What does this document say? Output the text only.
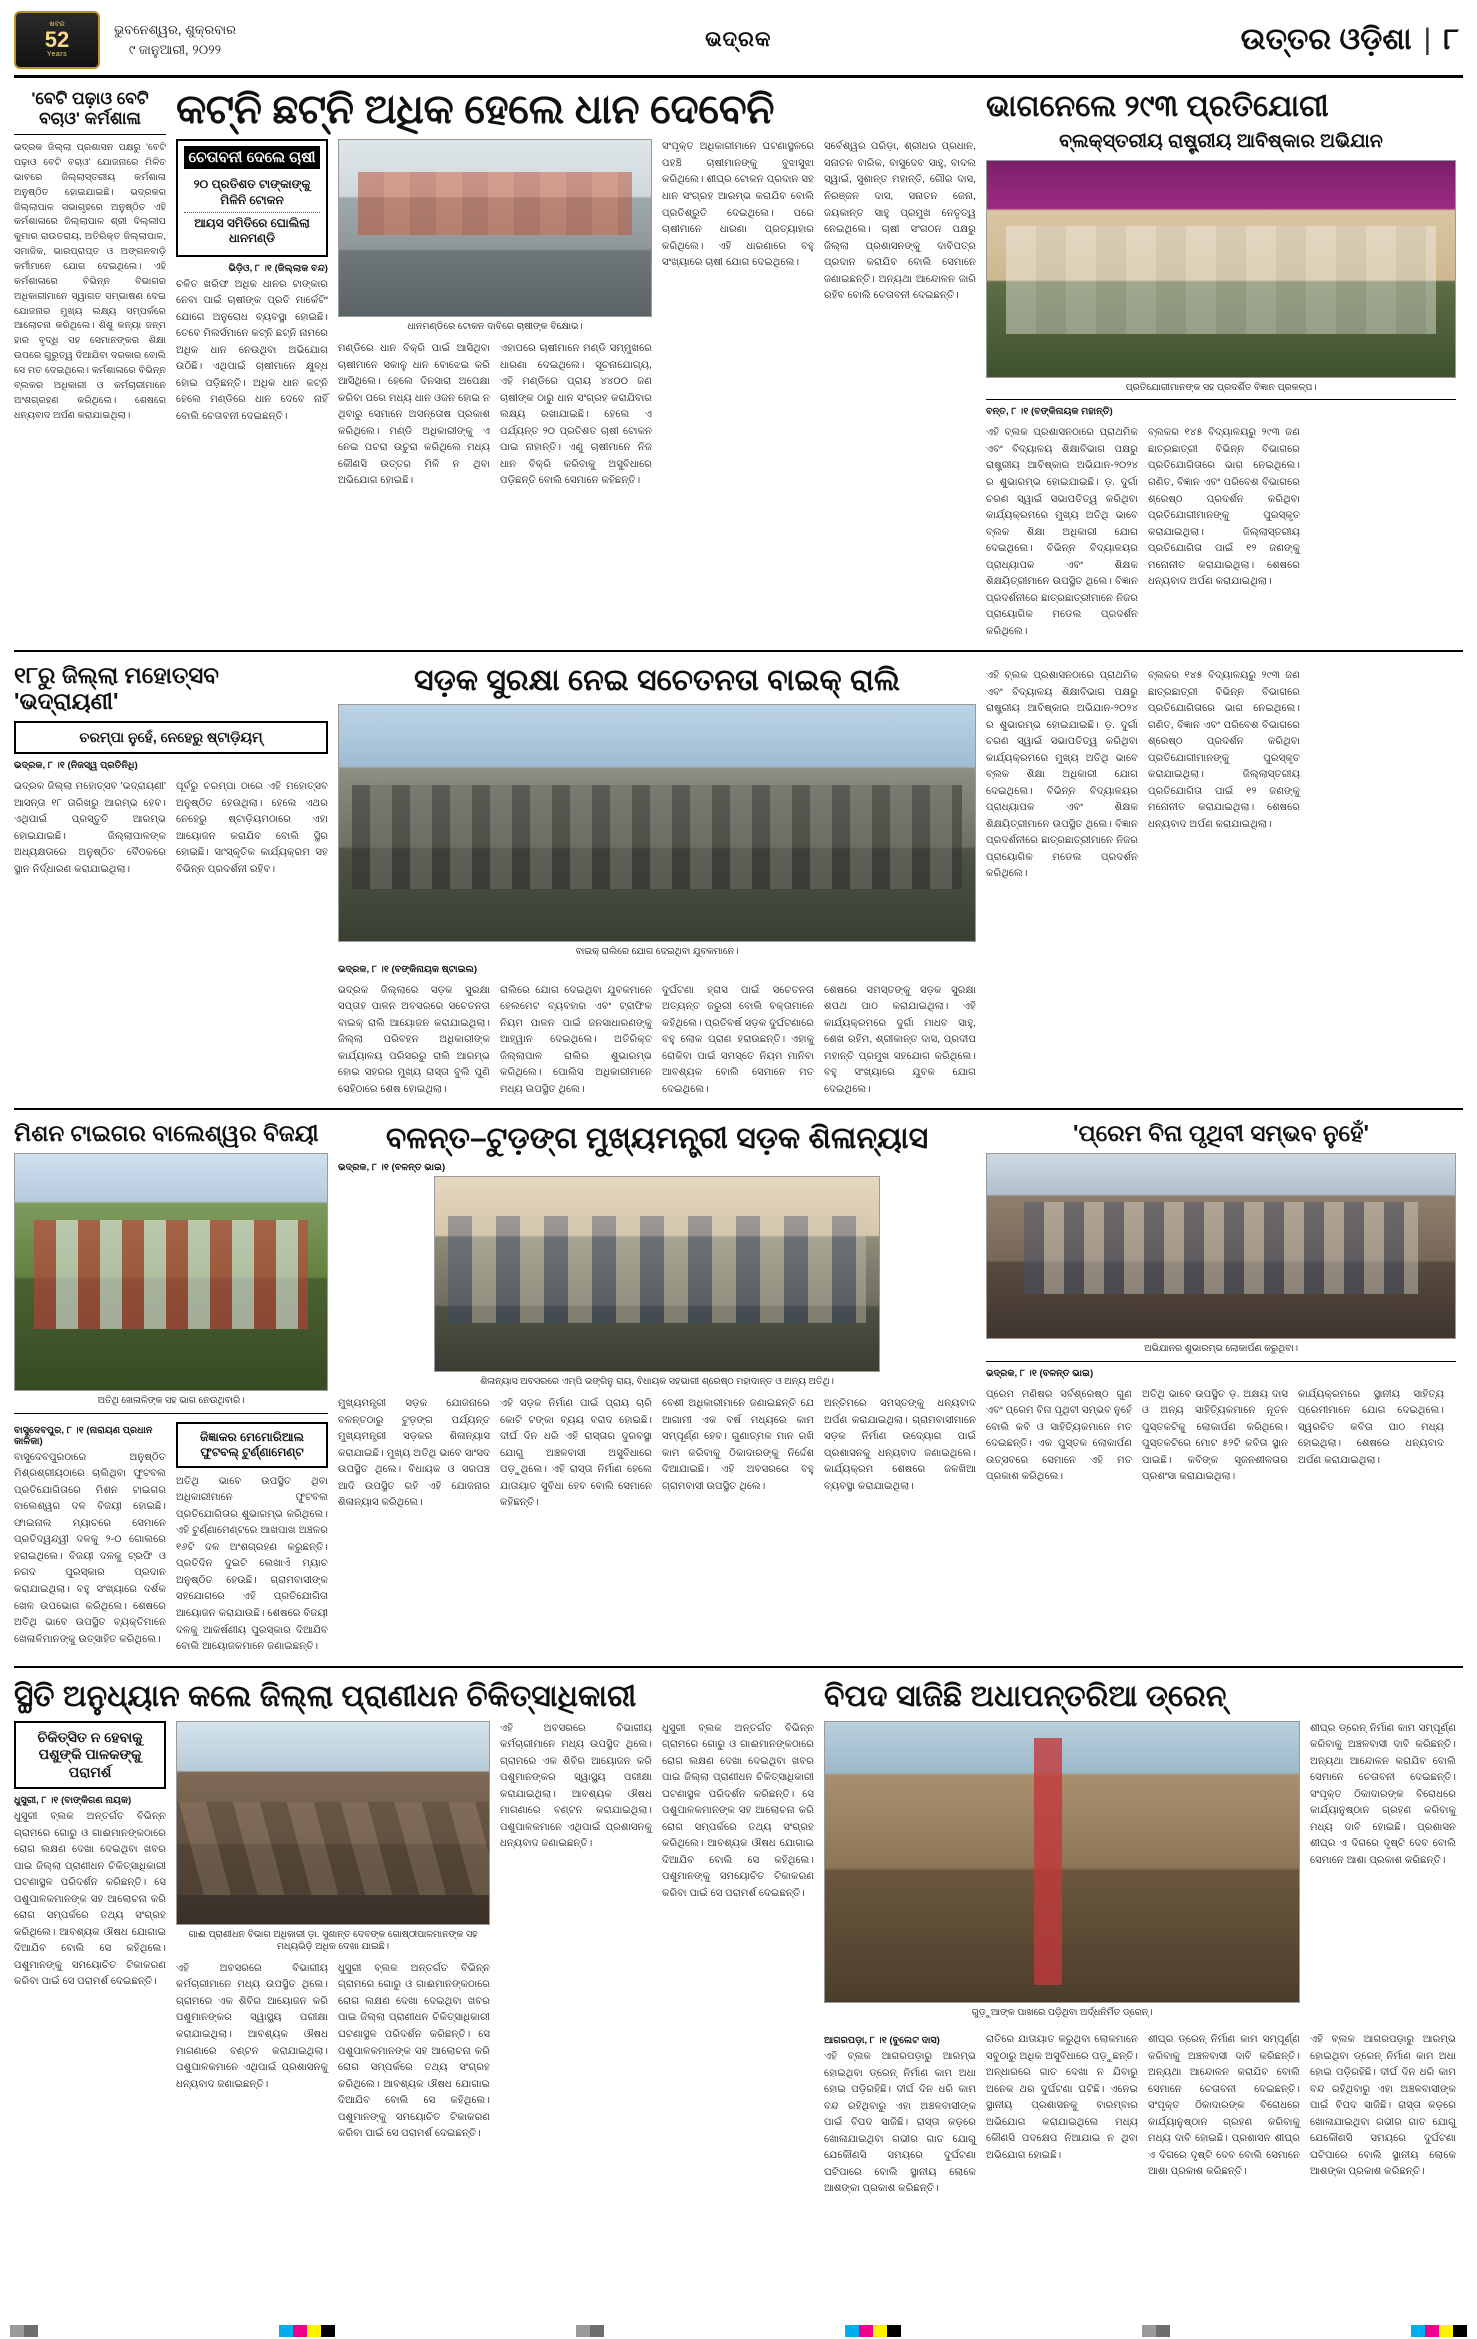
ଖବର
52
Years
ଭୁବନେଶ୍ୱର, ଶୁକ୍ରବାର
୯ ଜାନୁଆରୀ, ୨୦୨୨	ଭଦ୍ରକ	ଉତ୍ତର ଓଡ଼ିଶା | ୮
'ବେଟି ପଢ଼ାଓ ବେଟି ବଚାଓ' କର୍ମଶାଳା
ଭଦ୍ରକ ଜିଲ୍ଲା ପ୍ରଶାସନ ପକ୍ଷରୁ 'ବେଟି ପଢ଼ାଓ ବେଟି ବଚାଓ' ଯୋଜନାରେ ମିଳିତ ଭାବରେ ଜିଲ୍ଲାସ୍ତରୀୟ କର୍ମଶାଳା ଅନୁଷ୍ଠିତ ହୋଇଯାଇଛି। ଭଦ୍ରକର ଜିଲ୍ଲାପାଳ ସଭାଗୃହରେ ଅନୁଷ୍ଠିତ ଏହି କର୍ମଶାଳାରେ ଜିଲ୍ଲାପାଳ ଶ୍ରୀ ଦିଲ୍ଲୀପ କୁମାର ରାଉତରାୟ, ଅତିରିକ୍ତ ଜିଲ୍ଲାପାଳ, ସମାଜିକ, ଭାରପ୍ରାପ୍ତ ଓ ଅଙ୍ଗନବାଡ଼ି କର୍ମୀମାନେ ଯୋଗ ଦେଇଥିଲେ। ଏହି କର୍ମଶାଳାରେ ବିଭିନ୍ନ ବିଭାଗର ଅଧିକାରୀମାନେ ସ୍ୱାଗତ ସମ୍ଭାଷଣ ଦେଇ ଯୋଜନାର ମୁଖ୍ୟ ଲକ୍ଷ୍ୟ ସମ୍ପର୍କରେ ଆଲୋଚନା କରିଥିଲେ। ଶିଶୁ କନ୍ୟା ଜନ୍ମ ହାର ବୃଦ୍ଧି ସହ ସେମାନଙ୍କର ଶିକ୍ଷା ଉପରେ ଗୁରୁତ୍ୱ ଦିଆଯିବା ଦରକାର ବୋଲି ସେ ମତ ଦେଇଥିଲେ। କର୍ମଶାଳାରେ ବିଭିନ୍ନ ବ୍ଲକର ଅଧିକାରୀ ଓ କର୍ମଚାରୀମାନେ ଅଂଶଗ୍ରହଣ କରିଥିଲେ। ଶେଷରେ ଧନ୍ୟବାଦ ଅର୍ପଣ କରାଯାଇଥିଲା।
କଟ୍‌ନି ଛଟ୍‌ନି ଅଧିକ ହେଲେ ଧାନ ଦେବେନି
ଚେତାବନୀ ଦେଲେ ଚାଷୀ
୨୦ ପ୍ରତିଶତ ଟାଙ୍କାଙ୍କୁ ମିଳିନି ଟୋକନ
ଆୟସ ସମିତିରେ ଘୋଲିଲା ଧାନମଣ୍ଡି
ଭିଡ଼ିଓ, ୮ ।୧ (ଜିଲ୍ଲାକ ବନ୍ଦ)
ଚଳିତ ଖରିଫ ଅଧିକ ଧାନର ଟାଙ୍କାର ନେବା ପାଇଁ ଚାଷୀଙ୍କ ପ୍ରତି ମାର୍କେଟିଂ ଯୋଗେ ଅନୁରୋଧ ବ୍ୟବସ୍ଥା ହୋଇଛି। ତେବେ ମିଲର୍ସମାନେ କଟ୍‌ନି ଛଟ୍‌ନି ନାମରେ ଅଧିକ ଧାନ ନେଉଥିବା ଅଭିଯୋଗ ଉଠିଛି। ଏଥିପାଇଁ ଚାଷୀମାନେ କ୍ଷୁବ୍ଧ ହୋଇ ପଡ଼ିଛନ୍ତି। ଅଧିକ ଧାନ କଟ୍‌ନି ହେଲେ ମଣ୍ଡିରେ ଧାନ ଦେବେ ନାହିଁ ବୋଲି ଚେତାବନୀ ଦେଇଛନ୍ତି।
ଧାନମଣ୍ଡିରେ ଟୋକନ ଦାବିରେ ଚାଷୀଙ୍କ ବିକ୍ଷୋଭ।
ମଣ୍ଡିରେ ଧାନ ବିକ୍ରି ପାଇଁ ଆସିଥିବା ଚାଷୀମାନେ ସକାଳୁ ଧାନ ବୋଝେଇ କରି ଆସିଥିଲେ। ହେଲେ ଦିନସାରା ଅପେକ୍ଷା କରିବା ପରେ ମଧ୍ୟ ଧାନ ଓଜନ ହୋଇ ନ ଥିବାରୁ ସେମାନେ ଅସନ୍ତୋଷ ପ୍ରକାଶ କରିଥିଲେ। ମଣ୍ଡି ଅଧିକାରୀଙ୍କୁ ଏ ନେଇ ପଚରା ଉଚୁରା କରିଥିଲେ ମଧ୍ୟ କୌଣସି ଉତ୍ତର ମିଳି ନ ଥିବା ଅଭିଯୋଗ ହୋଇଛି।
ଏହାପରେ ଚାଷୀମାନେ ମଣ୍ଡି ସମ୍ମୁଖରେ ଧାରଣା ଦେଇଥିଲେ। ସୂଚନାଯୋଗ୍ୟ, ଏହି ମଣ୍ଡିରେ ପ୍ରାୟ ୪୪୦୦ ଜଣ ଚାଷୀଙ୍କ ଠାରୁ ଧାନ ସଂଗ୍ରହ କରାଯିବାର ଲକ୍ଷ୍ୟ ରଖାଯାଇଛି। ହେଲେ ଏ ପର୍ଯ୍ୟନ୍ତ ୨୦ ପ୍ରତିଶତ ଚାଷୀ ଟୋକନ ପାଇ ନାହାନ୍ତି। ଏଣୁ ଚାଷୀମାନେ ନିଜ ଧାନ ବିକ୍ରି କରିବାକୁ ଅସୁବିଧାରେ ପଡ଼ିଛନ୍ତି ବୋଲି ସେମାନେ କହିଛନ୍ତି।
ସଂପୃକ୍ତ ଅଧିକାରୀମାନେ ଘଟଣାସ୍ଥଳରେ ପହଞ୍ଚି ଚାଷୀମାନଙ୍କୁ ବୁଝାସୁଝା କରିଥିଲେ। ଶୀଘ୍ର ଟୋକନ ପ୍ରଦାନ ସହ ଧାନ ସଂଗ୍ରହ ଆରମ୍ଭ କରାଯିବ ବୋଲି ପ୍ରତିଶ୍ରୁତି ଦେଇଥିଲେ। ପରେ ଚାଷୀମାନେ ଧାରଣା ପ୍ରତ୍ୟାହାର କରିଥିଲେ। ଏହି ଧାରଣାରେ ବହୁ ସଂଖ୍ୟାରେ ଚାଷୀ ଯୋଗ ଦେଇଥିଲେ।
ସର୍ବେଶ୍ୱର ପରିଡ଼ା, ଶ୍ରୀଧର ପ୍ରଧାନ, ସନାତନ ବାରିକ, ବାସୁଦେବ ସାହୁ, ବାଦଲ ସ୍ୱାଇଁ, ସୁଶାନ୍ତ ମହାନ୍ତି, ଗୌର ଦାସ, ନିରଞ୍ଜନ ଦାସ, ସନାତନ ଜେନା, ଜୟକାନ୍ତ ସାହୁ ପ୍ରମୁଖ ନେତୃତ୍ୱ ନେଇଥିଲେ। ଚାଷୀ ସଂଗଠନ ପକ୍ଷରୁ ଜିଲ୍ଲା ପ୍ରଶାସନଙ୍କୁ ଦାବିପତ୍ର ପ୍ରଦାନ କରାଯିବ ବୋଲି ସେମାନେ ଜଣାଇଛନ୍ତି। ଅନ୍ୟଥା ଆନ୍ଦୋଳନ ଜାରି ରହିବ ବୋଲି ଚେତାବନୀ ଦେଇଛନ୍ତି।
ଭାଗନେଲେ ୨୯୩ ପ୍ରତିଯୋଗୀ
ବ୍ଲକ୍‌ସ୍ତରୀୟ ରାଷ୍ଟ୍ରୀୟ ଆବିଷ୍କାର ଅଭିଯାନ
ପ୍ରତିଯୋଗୀମାନଙ୍କ ସହ ପ୍ରଦର୍ଶିତ ବିଜ୍ଞାନ ପ୍ରକଳ୍ପ।
ବନ୍ତ, ୮ ।୧ (ବଙ୍କିନାୟକ ମହାନ୍ତି)
ଏହି ବ୍ଲକ ପ୍ରଶାସନଠାରେ ପ୍ରାଥମିକ ଏବଂ ବିଦ୍ୟାଳୟ ଶିକ୍ଷାବିଭାଗ ପକ୍ଷରୁ ରାଷ୍ଟ୍ରୀୟ ଆବିଷ୍କାର ଅଭିଯାନ-୨୦୨୪ ର ଶୁଭାରମ୍ଭ ହୋଇଯାଇଛି। ଡ଼. ଦୁର୍ଗା ଚରଣ ସ୍ୱାଇଁ ସଭାପତିତ୍ୱ କରିଥିବା କାର୍ଯ୍ୟକ୍ରମରେ ମୁଖ୍ୟ ଅତିଥି ଭାବେ ବ୍ଲକ ଶିକ୍ଷା ଅଧିକାରୀ ଯୋଗ ଦେଇଥିଲେ। ବିଭିନ୍ନ ବିଦ୍ୟାଳୟର ପ୍ରାଧ୍ୟାପକ ଏବଂ ଶିକ୍ଷକ ଶିକ୍ଷୟିତ୍ରୀମାନେ ଉପସ୍ଥିତ ଥିଲେ। ବିଜ୍ଞାନ ପ୍ରଦର୍ଶନୀରେ ଛାତ୍ରଛାତ୍ରୀମାନେ ନିଜର ପ୍ରାୟୋଗିକ ମଡେଲ ପ୍ରଦର୍ଶନ କରିଥିଲେ।
ବ୍ଲକର ୧୪୫ ବିଦ୍ୟାଳୟରୁ ୨୯୩ ଜଣ ଛାତ୍ରଛାତ୍ରୀ ବିଭିନ୍ନ ବିଭାଗରେ ପ୍ରତିଯୋଗିତାରେ ଭାଗ ନେଇଥିଲେ। ଗଣିତ, ବିଜ୍ଞାନ ଏବଂ ପରିବେଶ ବିଭାଗରେ ଶ୍ରେଷ୍ଠ ପ୍ରଦର୍ଶନ କରିଥିବା ପ୍ରତିଯୋଗୀମାନଙ୍କୁ ପୁରସ୍କୃତ କରାଯାଇଥିଲା। ଜିଲ୍ଲାସ୍ତରୀୟ ପ୍ରତିଯୋଗିତା ପାଇଁ ୧୨ ଜଣଙ୍କୁ ମନୋନୀତ କରାଯାଇଥିଲା। ଶେଷରେ ଧନ୍ୟବାଦ ଅର୍ପଣ କରାଯାଇଥିଲା।
୧୮ରୁ ଜିଲ୍ଲା ମହୋତ୍ସବ 'ଭଦ୍ରାୟଣୀ'
ଚରମ୍ପା ନୁହେଁ, ନେହେରୁ ଷ୍ଟାଡ଼ିୟମ୍
ଭଦ୍ରକ, ୮ ।୧ (ନିଜସ୍ୱ ପ୍ରତିନିଧି)
ଭଦ୍ରକ ଜିଲ୍ଲା ମହୋତ୍ସବ 'ଭଦ୍ରାୟଣୀ' ଆସନ୍ତା ୧୮ ତାରିଖରୁ ଆରମ୍ଭ ହେବ। ଏଥିପାଇଁ ପ୍ରସ୍ତୁତି ଆରମ୍ଭ ହୋଇଯାଇଛି। ଜିଲ୍ଲାପାଳଙ୍କ ଅଧ୍ୟକ୍ଷତାରେ ଅନୁଷ୍ଠିତ ବୈଠକରେ ସ୍ଥାନ ନିର୍ଦ୍ଧାରଣ କରାଯାଇଥିଲା।
ପୂର୍ବରୁ ଚରମ୍ପା ଠାରେ ଏହି ମହୋତ୍ସବ ଅନୁଷ୍ଠିତ ହେଉଥିଲା। ହେଲେ ଏଥର ନେହେରୁ ଷ୍ଟାଡ଼ିୟମଠାରେ ଏହା ଆୟୋଜନ କରାଯିବ ବୋଲି ସ୍ଥିର ହୋଇଛି। ସାଂସ୍କୃତିକ କାର୍ଯ୍ୟକ୍ରମ ସହ ବିଭିନ୍ନ ପ୍ରଦର୍ଶନୀ ରହିବ।
ସଡ଼କ ସୁରକ୍ଷା ନେଇ ସଚେତନତା ବାଇକ୍ ରାଲି
ବାଇକ୍ ରାଲିରେ ଯୋଗ ଦେଇଥିବା ଯୁବକମାନେ।
ଭଦ୍ରକ, ୮ ।୧ (ବଙ୍କିନାୟକ ଷ୍ଟାଇଲ)
ଭଦ୍ରକ ଜିଲ୍ଲାରେ ସଡ଼କ ସୁରକ୍ଷା ସପ୍ତାହ ପାଳନ ଅବସରରେ ସଚେତନତା ବାଇକ୍ ରାଲି ଆୟୋଜନ କରାଯାଇଥିଲା। ଜିଲ୍ଲା ପରିବହନ ଅଧିକାରୀଙ୍କ କାର୍ଯ୍ୟାଳୟ ପରିସରରୁ ରାଲି ଆରମ୍ଭ ହୋଇ ସହରର ମୁଖ୍ୟ ରାସ୍ତା ବୁଲି ପୁଣି ସେହିଠାରେ ଶେଷ ହୋଇଥିଲା।
ରାଲିରେ ଯୋଗ ଦେଇଥିବା ଯୁବକମାନେ ହେଲମେଟ ବ୍ୟବହାର ଏବଂ ଟ୍ରାଫିକ ନିୟମ ପାଳନ ପାଇଁ ଜନସାଧାରଣଙ୍କୁ ଆହ୍ୱାନ ଦେଇଥିଲେ। ଅତିରିକ୍ତ ଜିଲ୍ଲାପାଳ ରାଲିର ଶୁଭାରମ୍ଭ କରିଥିଲେ। ପୋଲିସ ଅଧିକାରୀମାନେ ମଧ୍ୟ ଉପସ୍ଥିତ ଥିଲେ।
ଦୁର୍ଘଟଣା ହ୍ରାସ ପାଇଁ ସଚେତନତା ଅତ୍ୟନ୍ତ ଜରୁରୀ ବୋଲି ବକ୍ତାମାନେ କହିଥିଲେ। ପ୍ରତିବର୍ଷ ସଡ଼କ ଦୁର୍ଘଟଣାରେ ବହୁ ଲୋକ ପ୍ରାଣ ହରାଉଛନ୍ତି। ଏହାକୁ ରୋକିବା ପାଇଁ ସମସ୍ତେ ନିୟମ ମାନିବା ଆବଶ୍ୟକ ବୋଲି ସେମାନେ ମତ ଦେଇଥିଲେ।
ଶେଷରେ ସମସ୍ତଙ୍କୁ ସଡ଼କ ସୁରକ୍ଷା ଶପଥ ପାଠ କରାଯାଇଥିଲା। ଏହି କାର୍ଯ୍ୟକ୍ରମରେ ଦୁର୍ଗା ମାଧବ ସାହୁ, ଶେଖ ରହିମ, ଶ୍ରୀକାନ୍ତ ଦାସ, ପ୍ରଦୀପ ମହାନ୍ତି ପ୍ରମୁଖ ସହଯୋଗ କରିଥିଲେ। ବହୁ ସଂଖ୍ୟାରେ ଯୁବକ ଯୋଗ ଦେଇଥିଲେ।
ଏହି ବ୍ଲକ ପ୍ରଶାସନଠାରେ ପ୍ରାଥମିକ ଏବଂ ବିଦ୍ୟାଳୟ ଶିକ୍ଷାବିଭାଗ ପକ୍ଷରୁ ରାଷ୍ଟ୍ରୀୟ ଆବିଷ୍କାର ଅଭିଯାନ-୨୦୨୪ ର ଶୁଭାରମ୍ଭ ହୋଇଯାଇଛି। ଡ଼. ଦୁର୍ଗା ଚରଣ ସ୍ୱାଇଁ ସଭାପତିତ୍ୱ କରିଥିବା କାର୍ଯ୍ୟକ୍ରମରେ ମୁଖ୍ୟ ଅତିଥି ଭାବେ ବ୍ଲକ ଶିକ୍ଷା ଅଧିକାରୀ ଯୋଗ ଦେଇଥିଲେ। ବିଭିନ୍ନ ବିଦ୍ୟାଳୟର ପ୍ରାଧ୍ୟାପକ ଏବଂ ଶିକ୍ଷକ ଶିକ୍ଷୟିତ୍ରୀମାନେ ଉପସ୍ଥିତ ଥିଲେ। ବିଜ୍ଞାନ ପ୍ରଦର୍ଶନୀରେ ଛାତ୍ରଛାତ୍ରୀମାନେ ନିଜର ପ୍ରାୟୋଗିକ ମଡେଲ ପ୍ରଦର୍ଶନ କରିଥିଲେ।
ବ୍ଲକର ୧୪୫ ବିଦ୍ୟାଳୟରୁ ୨୯୩ ଜଣ ଛାତ୍ରଛାତ୍ରୀ ବିଭିନ୍ନ ବିଭାଗରେ ପ୍ରତିଯୋଗିତାରେ ଭାଗ ନେଇଥିଲେ। ଗଣିତ, ବିଜ୍ଞାନ ଏବଂ ପରିବେଶ ବିଭାଗରେ ଶ୍ରେଷ୍ଠ ପ୍ରଦର୍ଶନ କରିଥିବା ପ୍ରତିଯୋଗୀମାନଙ୍କୁ ପୁରସ୍କୃତ କରାଯାଇଥିଲା। ଜିଲ୍ଲାସ୍ତରୀୟ ପ୍ରତିଯୋଗିତା ପାଇଁ ୧୨ ଜଣଙ୍କୁ ମନୋନୀତ କରାଯାଇଥିଲା। ଶେଷରେ ଧନ୍ୟବାଦ ଅର୍ପଣ କରାଯାଇଥିଲା।
ମିଶନ ଟାଇଗର ବାଲେଶ୍ୱର ବିଜୟୀ
ଅତିଥି ଖେଳାଳିଙ୍କ ସହ ଭାଗ ନେଉଥିବାରି।
ବାସୁଦେବପୁର, ୮ ।୧ (ନାରାୟଣ ପ୍ରଧାନ କାଳିକା)
ବାସୁଦେବପୁରଠାରେ ଅନୁଷ୍ଠିତ ମିଶ୍ରଶ୍ରୀୟଠାରେ ଚାଲିଥିବା ଫୁଟବଲ ପ୍ରତିଯୋଗିତାରେ ମିଶନ ଟାଇଗର ବାଲେଶ୍ୱର ଦଳ ବିଜୟୀ ହୋଇଛି। ଫାଇନାଲ ମ୍ୟାଚରେ ସେମାନେ ପ୍ରତିଦ୍ୱନ୍ଦ୍ୱୀ ଦଳକୁ ୨-୦ ଗୋଲରେ ହରାଇଥିଲେ। ବିଜୟୀ ଦଳକୁ ଟ୍ରଫି ଓ ନଗଦ ପୁରସ୍କାର ପ୍ରଦାନ କରାଯାଇଥିଲା। ବହୁ ସଂଖ୍ୟାରେ ଦର୍ଶକ ଖେଳ ଉପଭୋଗ କରିଥିଲେ। ଶେଷରେ ଅତିଥି ଭାବେ ଉପସ୍ଥିତ ବ୍ୟକ୍ତିମାନେ ଖେଳାଳିମାନଙ୍କୁ ଉତ୍ସାହିତ କରିଥିଲେ।
ଜିଜ୍ଞାକର ମେମୋରିଆଲ ଫୁଟବଲ୍ ଟୁର୍ଣ୍ଣାମେଣ୍ଟ
ଅତିଥି ଭାବେ ଉପସ୍ଥିତ ଥିବା ଅଧିକାରୀମାନେ ଫୁଟବଲ ପ୍ରତିଯୋଗିତାର ଶୁଭାରମ୍ଭ କରିଥିଲେ। ଏହି ଟୁର୍ଣ୍ଣାମେଣ୍ଟରେ ଆଖପାଖ ଅଞ୍ଚଳର ୧୬ଟି ଦଳ ଅଂଶଗ୍ରହଣ କରୁଛନ୍ତି। ପ୍ରତିଦିନ ଦୁଇଟି ଲେଖାଏଁ ମ୍ୟାଚ ଅନୁଷ୍ଠିତ ହେଉଛି। ଗ୍ରାମବାସୀଙ୍କ ସହଯୋଗରେ ଏହି ପ୍ରତିଯୋଗିତା ଆୟୋଜନ କରାଯାଉଛି। ଶେଷରେ ବିଜୟୀ ଦଳକୁ ଆକର୍ଷଣୀୟ ପୁରସ୍କାର ଦିଆଯିବ ବୋଲି ଆୟୋଜକମାନେ ଜଣାଇଛନ୍ତି।
ବଳନ୍ତ–ଟୁଡ଼ଙ୍ଗ ମୁଖ୍ୟମନ୍ତ୍ରୀ ସଡ଼କ ଶିଳାନ୍ୟାସ
ଭଦ୍ରକ, ୮ ।୧ (ବଳନ୍ତ ଭାଇ)
ଶିଳାନ୍ୟାସ ଅବସରରେ ଏମ୍‌ପି ଭଙ୍ଗିନୁ ରାୟ, ବିଧାୟକ ସହଭାଗୀ ଶ୍ରେଷ୍ଠ ମହାଦାନ୍ତ ଓ ଅନ୍ୟ ଅତିଥି।
ମୁଖ୍ୟମନ୍ତ୍ରୀ ସଡ଼କ ଯୋଜନାରେ ବଳନ୍ତଠାରୁ ଟୁଡ଼ଙ୍ଗ ପର୍ଯ୍ୟନ୍ତ ମୁଖ୍ୟମନ୍ତ୍ରୀ ସଡ଼କର ଶିଳାନ୍ୟାସ କରାଯାଇଛି। ମୁଖ୍ୟ ଅତିଥି ଭାବେ ସାଂସଦ ଉପସ୍ଥିତ ଥିଲେ। ବିଧାୟକ ଓ ସରପଞ୍ଚ ଆଦି ଉପସ୍ଥିତ ରହି ଏହି ଯୋଜନାର ଶିଳାନ୍ୟାସ କରିଥିଲେ।
ଏହି ସଡ଼କ ନିର୍ମାଣ ପାଇଁ ପ୍ରାୟ ଚାରି କୋଟି ଟଙ୍କା ବ୍ୟୟ ବରାଦ ହୋଇଛି। ଦୀର୍ଘ ଦିନ ଧରି ଏହି ରାସ୍ତାର ଦୁରବସ୍ଥା ଯୋଗୁ ଅଞ୍ଚଳବାସୀ ଅସୁବିଧାରେ ପଡ଼ୁଥିଲେ। ଏହି ରାସ୍ତା ନିର୍ମାଣ ହେଲେ ଯାତାୟାତ ସୁବିଧା ହେବ ବୋଲି ସେମାନେ କହିଛନ୍ତି।
ବେଶୀ ଅଧିକାରୀମାନେ ଜଣାଇଛନ୍ତି ଯେ ଆଗାମୀ ଏକ ବର୍ଷ ମଧ୍ୟରେ କାମ ସମ୍ପୂର୍ଣ୍ଣ ହେବ। ଗୁଣାତ୍ମକ ମାନ ରଖି କାମ କରିବାକୁ ଠିକାଦାରଙ୍କୁ ନିର୍ଦ୍ଦେଶ ଦିଆଯାଇଛି। ଏହି ଅବସରରେ ବହୁ ଗ୍ରାମବାସୀ ଉପସ୍ଥିତ ଥିଲେ।
ଅନ୍ତିମରେ ସମସ୍ତଙ୍କୁ ଧନ୍ୟବାଦ ଅର୍ପଣ କରାଯାଇଥିଲା। ଗ୍ରାମବାସୀମାନେ ସଡ଼କ ନିର୍ମାଣ ଉଦ୍ୟୋଗ ପାଇଁ ପ୍ରଶାସନକୁ ଧନ୍ୟବାଦ ଜଣାଇଥିଲେ। କାର୍ଯ୍ୟକ୍ରମ ଶେଷରେ ଜଳଖିଆ ବ୍ୟବସ୍ଥା କରାଯାଇଥିଲା।
'ପ୍ରେମ ବିନା ପୃଥିବୀ ସମ୍ଭବ ନୁହେଁ'
ଅଭିଯାନର ଶୁଭାରମ୍ଭ ଲୋକାର୍ପଣ କରୁଥିବା।
ଭଦ୍ରକ, ୮ ।୧ (ବଳନ୍ତ ଭାଇ)
ପ୍ରେମ ମଣିଷର ସର୍ବଶ୍ରେଷ୍ଠ ଗୁଣ ଏବଂ ପ୍ରେମ ବିନା ପୃଥିବୀ ସମ୍ଭବ ନୁହେଁ ବୋଲି କବି ଓ ସାହିତ୍ୟିକମାନେ ମତ ଦେଇଛନ୍ତି। ଏକ ପୁସ୍ତକ ଲୋକାର୍ପଣ ଉତ୍ସବରେ ସେମାନେ ଏହି ମତ ପ୍ରକାଶ କରିଥିଲେ।
ଅତିଥି ଭାବେ ଉପସ୍ଥିତ ଡ଼. ଅକ୍ଷୟ ଦାସ ଓ ଅନ୍ୟ ସାହିତ୍ୟିକମାନେ ନୂତନ ପୁସ୍ତକଟିକୁ ଲୋକାର୍ପଣ କରିଥିଲେ। ପୁସ୍ତକଟିରେ ମୋଟ ୫୨ଟି କବିତା ସ୍ଥାନ ପାଇଛି। କବିଙ୍କ ସୃଜନଶୀଳତାର ପ୍ରଶଂସା କରାଯାଇଥିଲା।
କାର୍ଯ୍ୟକ୍ରମରେ ସ୍ଥାନୀୟ ସାହିତ୍ୟ ପ୍ରେମୀମାନେ ଯୋଗ ଦେଇଥିଲେ। ସ୍ୱରଚିତ କବିତା ପାଠ ମଧ୍ୟ ହୋଇଥିଲା। ଶେଷରେ ଧନ୍ୟବାଦ ଅର୍ପଣ କରାଯାଇଥିଲା।
ସ୍ଥିତି ଅନୁଧ୍ୟାନ କଲେ ଜିଲ୍ଲା ପ୍ରାଣୀଧନ ଚିକିତ୍ସାଧିକାରୀ
ଚିକିତ୍ସିତ ନ ହେବାକୁ ପଶୁଙ୍କି ପାଳକଙ୍କୁ ପରାମର୍ଶ
ଧୁସୁରୀ, ୮ ।୧ (ବାଙ୍କିଗଣ ନାୟକ)
ଧୁସୁରୀ ବ୍ଲକ ଅନ୍ତର୍ଗତ ବିଭିନ୍ନ ଗ୍ରାମରେ ଗୋରୁ ଓ ଗାଈମାନଙ୍କଠାରେ ରୋଗ ଲକ୍ଷଣ ଦେଖା ଦେଇଥିବା ଖବର ପାଇ ଜିଲ୍ଲା ପ୍ରାଣୀଧନ ଚିକିତ୍ସାଧିକାରୀ ଘଟଣାସ୍ଥଳ ପରିଦର୍ଶନ କରିଛନ୍ତି। ସେ ପଶୁପାଳକମାନଙ୍କ ସହ ଆଲୋଚନା କରି ରୋଗ ସମ୍ପର୍କରେ ତଥ୍ୟ ସଂଗ୍ରହ କରିଥିଲେ। ଆବଶ୍ୟକ ଔଷଧ ଯୋଗାଇ ଦିଆଯିବ ବୋଲି ସେ କହିଥିଲେ। ପଶୁମାନଙ୍କୁ ସମୟୋଚିତ ଟିକାକରଣ କରିବା ପାଇଁ ସେ ପରାମର୍ଶ ଦେଇଛନ୍ତି।
ଗାଈ ପ୍ରାଣୀଧନ ବିଭାଗ ଅଧିକାରୀ ଡ଼ା. ସୁଶାନ୍ତ ଦେବଙ୍କ ଗୋଷ୍ଠୀପାଳମାନଙ୍କ ସହ ମଧ୍ୟଭିଡ଼ି ଅଧିକ ଦେଖା ଯାଇଛି।
ଏହି ଅବସରରେ ବିଭାଗୀୟ କର୍ମଚାରୀମାନେ ମଧ୍ୟ ଉପସ୍ଥିତ ଥିଲେ। ଗ୍ରାମରେ ଏକ ଶିବିର ଆୟୋଜନ କରି ପଶୁମାନଙ୍କର ସ୍ୱାସ୍ଥ୍ୟ ପରୀକ୍ଷା କରାଯାଇଥିଲା। ଆବଶ୍ୟକ ଔଷଧ ମାଗଣାରେ ବଣ୍ଟନ କରାଯାଇଥିଲା। ପଶୁପାଳକମାନେ ଏଥିପାଇଁ ପ୍ରଶାସନକୁ ଧନ୍ୟବାଦ ଜଣାଇଛନ୍ତି।
ଧୁସୁରୀ ବ୍ଲକ ଅନ୍ତର୍ଗତ ବିଭିନ୍ନ ଗ୍ରାମରେ ଗୋରୁ ଓ ଗାଈମାନଙ୍କଠାରେ ରୋଗ ଲକ୍ଷଣ ଦେଖା ଦେଇଥିବା ଖବର ପାଇ ଜିଲ୍ଲା ପ୍ରାଣୀଧନ ଚିକିତ୍ସାଧିକାରୀ ଘଟଣାସ୍ଥଳ ପରିଦର୍ଶନ କରିଛନ୍ତି। ସେ ପଶୁପାଳକମାନଙ୍କ ସହ ଆଲୋଚନା କରି ରୋଗ ସମ୍ପର୍କରେ ତଥ୍ୟ ସଂଗ୍ରହ କରିଥିଲେ। ଆବଶ୍ୟକ ଔଷଧ ଯୋଗାଇ ଦିଆଯିବ ବୋଲି ସେ କହିଥିଲେ। ପଶୁମାନଙ୍କୁ ସମୟୋଚିତ ଟିକାକରଣ କରିବା ପାଇଁ ସେ ପରାମର୍ଶ ଦେଇଛନ୍ତି।
ଏହି ଅବସରରେ ବିଭାଗୀୟ କର୍ମଚାରୀମାନେ ମଧ୍ୟ ଉପସ୍ଥିତ ଥିଲେ। ଗ୍ରାମରେ ଏକ ଶିବିର ଆୟୋଜନ କରି ପଶୁମାନଙ୍କର ସ୍ୱାସ୍ଥ୍ୟ ପରୀକ୍ଷା କରାଯାଇଥିଲା। ଆବଶ୍ୟକ ଔଷଧ ମାଗଣାରେ ବଣ୍ଟନ କରାଯାଇଥିଲା। ପଶୁପାଳକମାନେ ଏଥିପାଇଁ ପ୍ରଶାସନକୁ ଧନ୍ୟବାଦ ଜଣାଇଛନ୍ତି।
ଧୁସୁରୀ ବ୍ଲକ ଅନ୍ତର୍ଗତ ବିଭିନ୍ନ ଗ୍ରାମରେ ଗୋରୁ ଓ ଗାଈମାନଙ୍କଠାରେ ରୋଗ ଲକ୍ଷଣ ଦେଖା ଦେଇଥିବା ଖବର ପାଇ ଜିଲ୍ଲା ପ୍ରାଣୀଧନ ଚିକିତ୍ସାଧିକାରୀ ଘଟଣାସ୍ଥଳ ପରିଦର୍ଶନ କରିଛନ୍ତି। ସେ ପଶୁପାଳକମାନଙ୍କ ସହ ଆଲୋଚନା କରି ରୋଗ ସମ୍ପର୍କରେ ତଥ୍ୟ ସଂଗ୍ରହ କରିଥିଲେ। ଆବଶ୍ୟକ ଔଷଧ ଯୋଗାଇ ଦିଆଯିବ ବୋଲି ସେ କହିଥିଲେ। ପଶୁମାନଙ୍କୁ ସମୟୋଚିତ ଟିକାକରଣ କରିବା ପାଇଁ ସେ ପରାମର୍ଶ ଦେଇଛନ୍ତି।
ବିପଦ ସାଜିଛି ଅଧାପନ୍ତରିଆ ଡ୍ରେନ୍
ଗୁଡ଼ୁଆଙ୍କ ପାଖରେ ପଡ଼ିଥିବା ଅର୍ଦ୍ଧନିର୍ମିତ ଡ୍ରେନ୍।
ଶୀଘ୍ର ଡ୍ରେନ୍ ନିର୍ମାଣ କାମ ସମ୍ପୂର୍ଣ୍ଣ କରିବାକୁ ଅଞ୍ଚଳବାସୀ ଦାବି କରିଛନ୍ତି। ଅନ୍ୟଥା ଆନ୍ଦୋଳନ କରାଯିବ ବୋଲି ସେମାନେ ଚେତାବନୀ ଦେଇଛନ୍ତି। ସଂପୃକ୍ତ ଠିକାଦାରଙ୍କ ବିରୋଧରେ କାର୍ଯ୍ୟାନୁଷ୍ଠାନ ଗ୍ରହଣ କରିବାକୁ ମଧ୍ୟ ଦାବି ହୋଇଛି। ପ୍ରଶାସନ ଶୀଘ୍ର ଏ ଦିଗରେ ଦୃଷ୍ଟି ଦେବ ବୋଲି ସେମାନେ ଆଶା ପ୍ରକାଶ କରିଛନ୍ତି।
ଆଗରପଡ଼ା, ୮ ।୧ (ବୁଲେଟ ଦାସ)
ଏହି ବ୍ଲକ ଆଗରପଡ଼ାରୁ ଆରମ୍ଭ ହୋଇଥିବା ଡ୍ରେନ୍ ନିର୍ମାଣ କାମ ଅଧା ହୋଇ ପଡ଼ିରହିଛି। ଦୀର୍ଘ ଦିନ ଧରି କାମ ବନ୍ଦ ରହିଥିବାରୁ ଏହା ଅଞ୍ଚଳବାସୀଙ୍କ ପାଇଁ ବିପଦ ସାଜିଛି। ରାସ୍ତା କଡ଼ରେ ଖୋଳାଯାଇଥିବା ଗଭୀର ଗାତ ଯୋଗୁ ଯେକୌଣସି ସମୟରେ ଦୁର୍ଘଟଣା ଘଟିପାରେ ବୋଲି ସ୍ଥାନୀୟ ଲୋକେ ଆଶଙ୍କା ପ୍ରକାଶ କରିଛନ୍ତି।
ରାତିରେ ଯାତାୟାତ କରୁଥିବା ଲୋକମାନେ ସବୁଠାରୁ ଅଧିକ ଅସୁବିଧାରେ ପଡ଼ୁଛନ୍ତି। ଅନ୍ଧାରରେ ଗାତ ଦେଖା ନ ଯିବାରୁ ଅନେକ ଥର ଦୁର୍ଘଟଣା ଘଟିଛି। ଏନେଇ ସ୍ଥାନୀୟ ପ୍ରଶାସନକୁ ବାରମ୍ବାର ଅଭିଯୋଗ କରାଯାଇଥିଲେ ମଧ୍ୟ କୌଣସି ପଦକ୍ଷେପ ନିଆଯାଇ ନ ଥିବା ଅଭିଯୋଗ ହୋଇଛି।
ଶୀଘ୍ର ଡ୍ରେନ୍ ନିର୍ମାଣ କାମ ସମ୍ପୂର୍ଣ୍ଣ କରିବାକୁ ଅଞ୍ଚଳବାସୀ ଦାବି କରିଛନ୍ତି। ଅନ୍ୟଥା ଆନ୍ଦୋଳନ କରାଯିବ ବୋଲି ସେମାନେ ଚେତାବନୀ ଦେଇଛନ୍ତି। ସଂପୃକ୍ତ ଠିକାଦାରଙ୍କ ବିରୋଧରେ କାର୍ଯ୍ୟାନୁଷ୍ଠାନ ଗ୍ରହଣ କରିବାକୁ ମଧ୍ୟ ଦାବି ହୋଇଛି। ପ୍ରଶାସନ ଶୀଘ୍ର ଏ ଦିଗରେ ଦୃଷ୍ଟି ଦେବ ବୋଲି ସେମାନେ ଆଶା ପ୍ରକାଶ କରିଛନ୍ତି।
ଏହି ବ୍ଲକ ଆଗରପଡ଼ାରୁ ଆରମ୍ଭ ହୋଇଥିବା ଡ୍ରେନ୍ ନିର୍ମାଣ କାମ ଅଧା ହୋଇ ପଡ଼ିରହିଛି। ଦୀର୍ଘ ଦିନ ଧରି କାମ ବନ୍ଦ ରହିଥିବାରୁ ଏହା ଅଞ୍ଚଳବାସୀଙ୍କ ପାଇଁ ବିପଦ ସାଜିଛି। ରାସ୍ତା କଡ଼ରେ ଖୋଳାଯାଇଥିବା ଗଭୀର ଗାତ ଯୋଗୁ ଯେକୌଣସି ସମୟରେ ଦୁର୍ଘଟଣା ଘଟିପାରେ ବୋଲି ସ୍ଥାନୀୟ ଲୋକେ ଆଶଙ୍କା ପ୍ରକାଶ କରିଛନ୍ତି।
